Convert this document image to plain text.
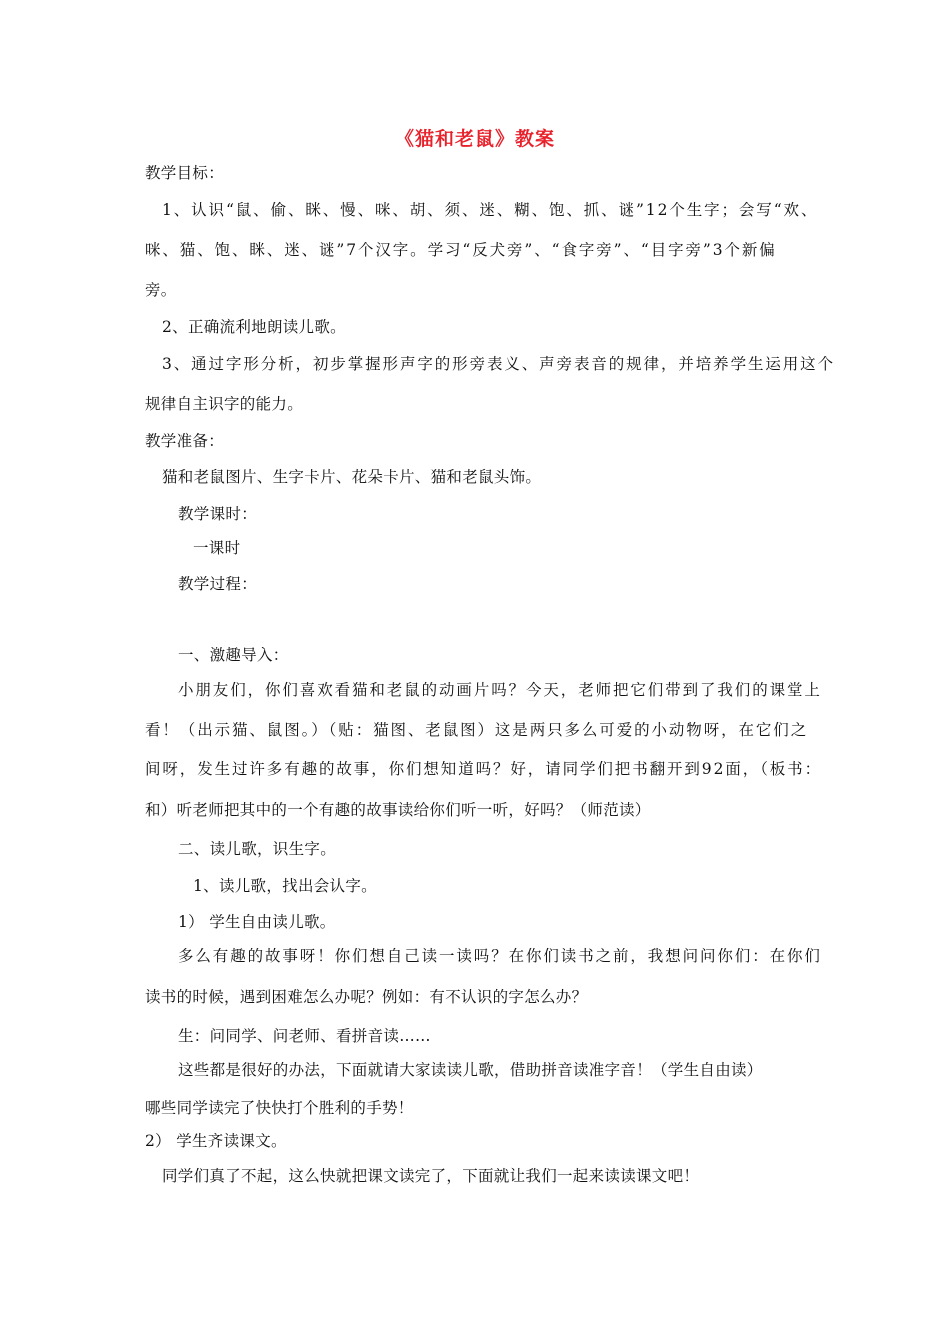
《猫和老鼠》教案
教学目标：
1、认识“鼠、偷、眯、慢、咪、胡、须、迷、糊、饱、抓、谜”12个生字；会写“欢、
咪、猫、饱、眯、迷、谜”7个汉字。学习“反犬旁”、“食字旁”、“目字旁”3个新偏
旁。
2、正确流利地朗读儿歌。
3、通过字形分析，初步掌握形声字的形旁表义、声旁表音的规律，并培养学生运用这个
规律自主识字的能力。
教学准备：
猫和老鼠图片、生字卡片、花朵卡片、猫和老鼠头饰。
教学课时：
一课时
教学过程：
一、激趣导入：
小朋友们，你们喜欢看猫和老鼠的动画片吗？今天，老师把它们带到了我们的课堂上
看！（出示猫、鼠图。）（贴：猫图、老鼠图）这是两只多么可爱的小动物呀，在它们之
间呀，发生过许多有趣的故事，你们想知道吗？好，请同学们把书翻开到92面，（板书：
和）听老师把其中的一个有趣的故事读给你们听一听，好吗？（师范读）
二、读儿歌，识生字。
1、读儿歌，找出会认字。
1） 学生自由读儿歌。
多么有趣的故事呀！你们想自己读一读吗？在你们读书之前，我想问问你们：在你们
读书的时候，遇到困难怎么办呢？例如：有不认识的字怎么办？
生：问同学、问老师、看拼音读……
这些都是很好的办法，下面就请大家读读儿歌，借助拼音读准字音！（学生自由读）
哪些同学读完了快快打个胜利的手势！
2） 学生齐读课文。
同学们真了不起，这么快就把课文读完了，下面就让我们一起来读读课文吧！
